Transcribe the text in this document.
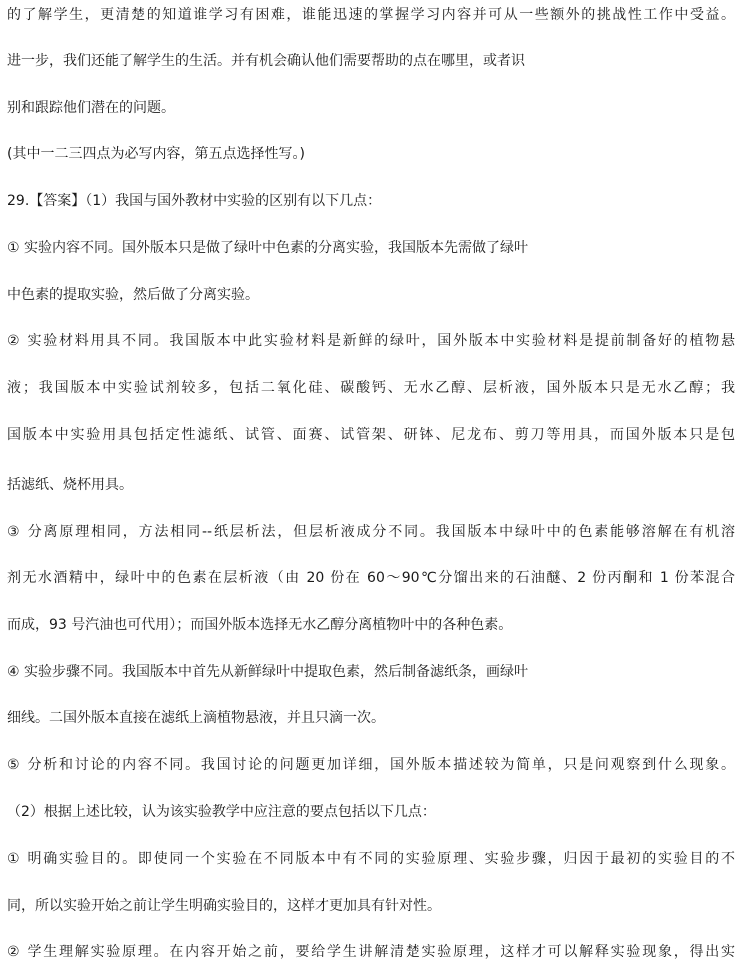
的了解学生，更清楚的知道谁学习有困难，谁能迅速的掌握学习内容并可从一些额外的挑战性工作中受益。

进一步，我们还能了解学生的生活。并有机会确认他们需要帮助的点在哪里，或者识

别和跟踪他们潜在的问题。

(其中一二三四点为必写内容，第五点选择性写。)

29.【答案】（1）我国与国外教材中实验的区别有以下几点：

① 实验内容不同。国外版本只是做了绿叶中色素的分离实验，我国版本先需做了绿叶

中色素的提取实验，然后做了分离实验。

② 实验材料用具不同。我国版本中此实验材料是新鲜的绿叶，国外版本中实验材料是提前制备好的植物悬

液；我国版本中实验试剂较多，包括二氧化硅、碳酸钙、无水乙醇、层析液，国外版本只是无水乙醇；我

国版本中实验用具包括定性滤纸、试管、面赛、试管架、研钵、尼龙布、剪刀等用具，而国外版本只是包

括滤纸、烧杯用具。

③ 分离原理相同，方法相同--纸层析法，但层析液成分不同。我国版本中绿叶中的色素能够溶解在有机溶

剂无水酒精中，绿叶中的色素在层析液（由 20 份在 60～90℃分馏出来的石油醚、2 份丙酮和 1 份苯混合

而成，93 号汽油也可代用）；而国外版本选择无水乙醇分离植物叶中的各种色素。

④ 实验步骤不同。我国版本中首先从新鲜绿叶中提取色素，然后制备滤纸条，画绿叶

细线。二国外版本直接在滤纸上滴植物悬液，并且只滴一次。

⑤ 分析和讨论的内容不同。我国讨论的问题更加详细，国外版本描述较为简单，只是问观察到什么现象。

（2）根据上述比较，认为该实验教学中应注意的要点包括以下几点：

① 明确实验目的。即使同一个实验在不同版本中有不同的实验原理、实验步骤，归因于最初的实验目的不

同，所以实验开始之前让学生明确实验目的，这样才更加具有针对性。

② 学生理解实验原理。在内容开始之前，要给学生讲解清楚实验原理，这样才可以解释实验现象，得出实
